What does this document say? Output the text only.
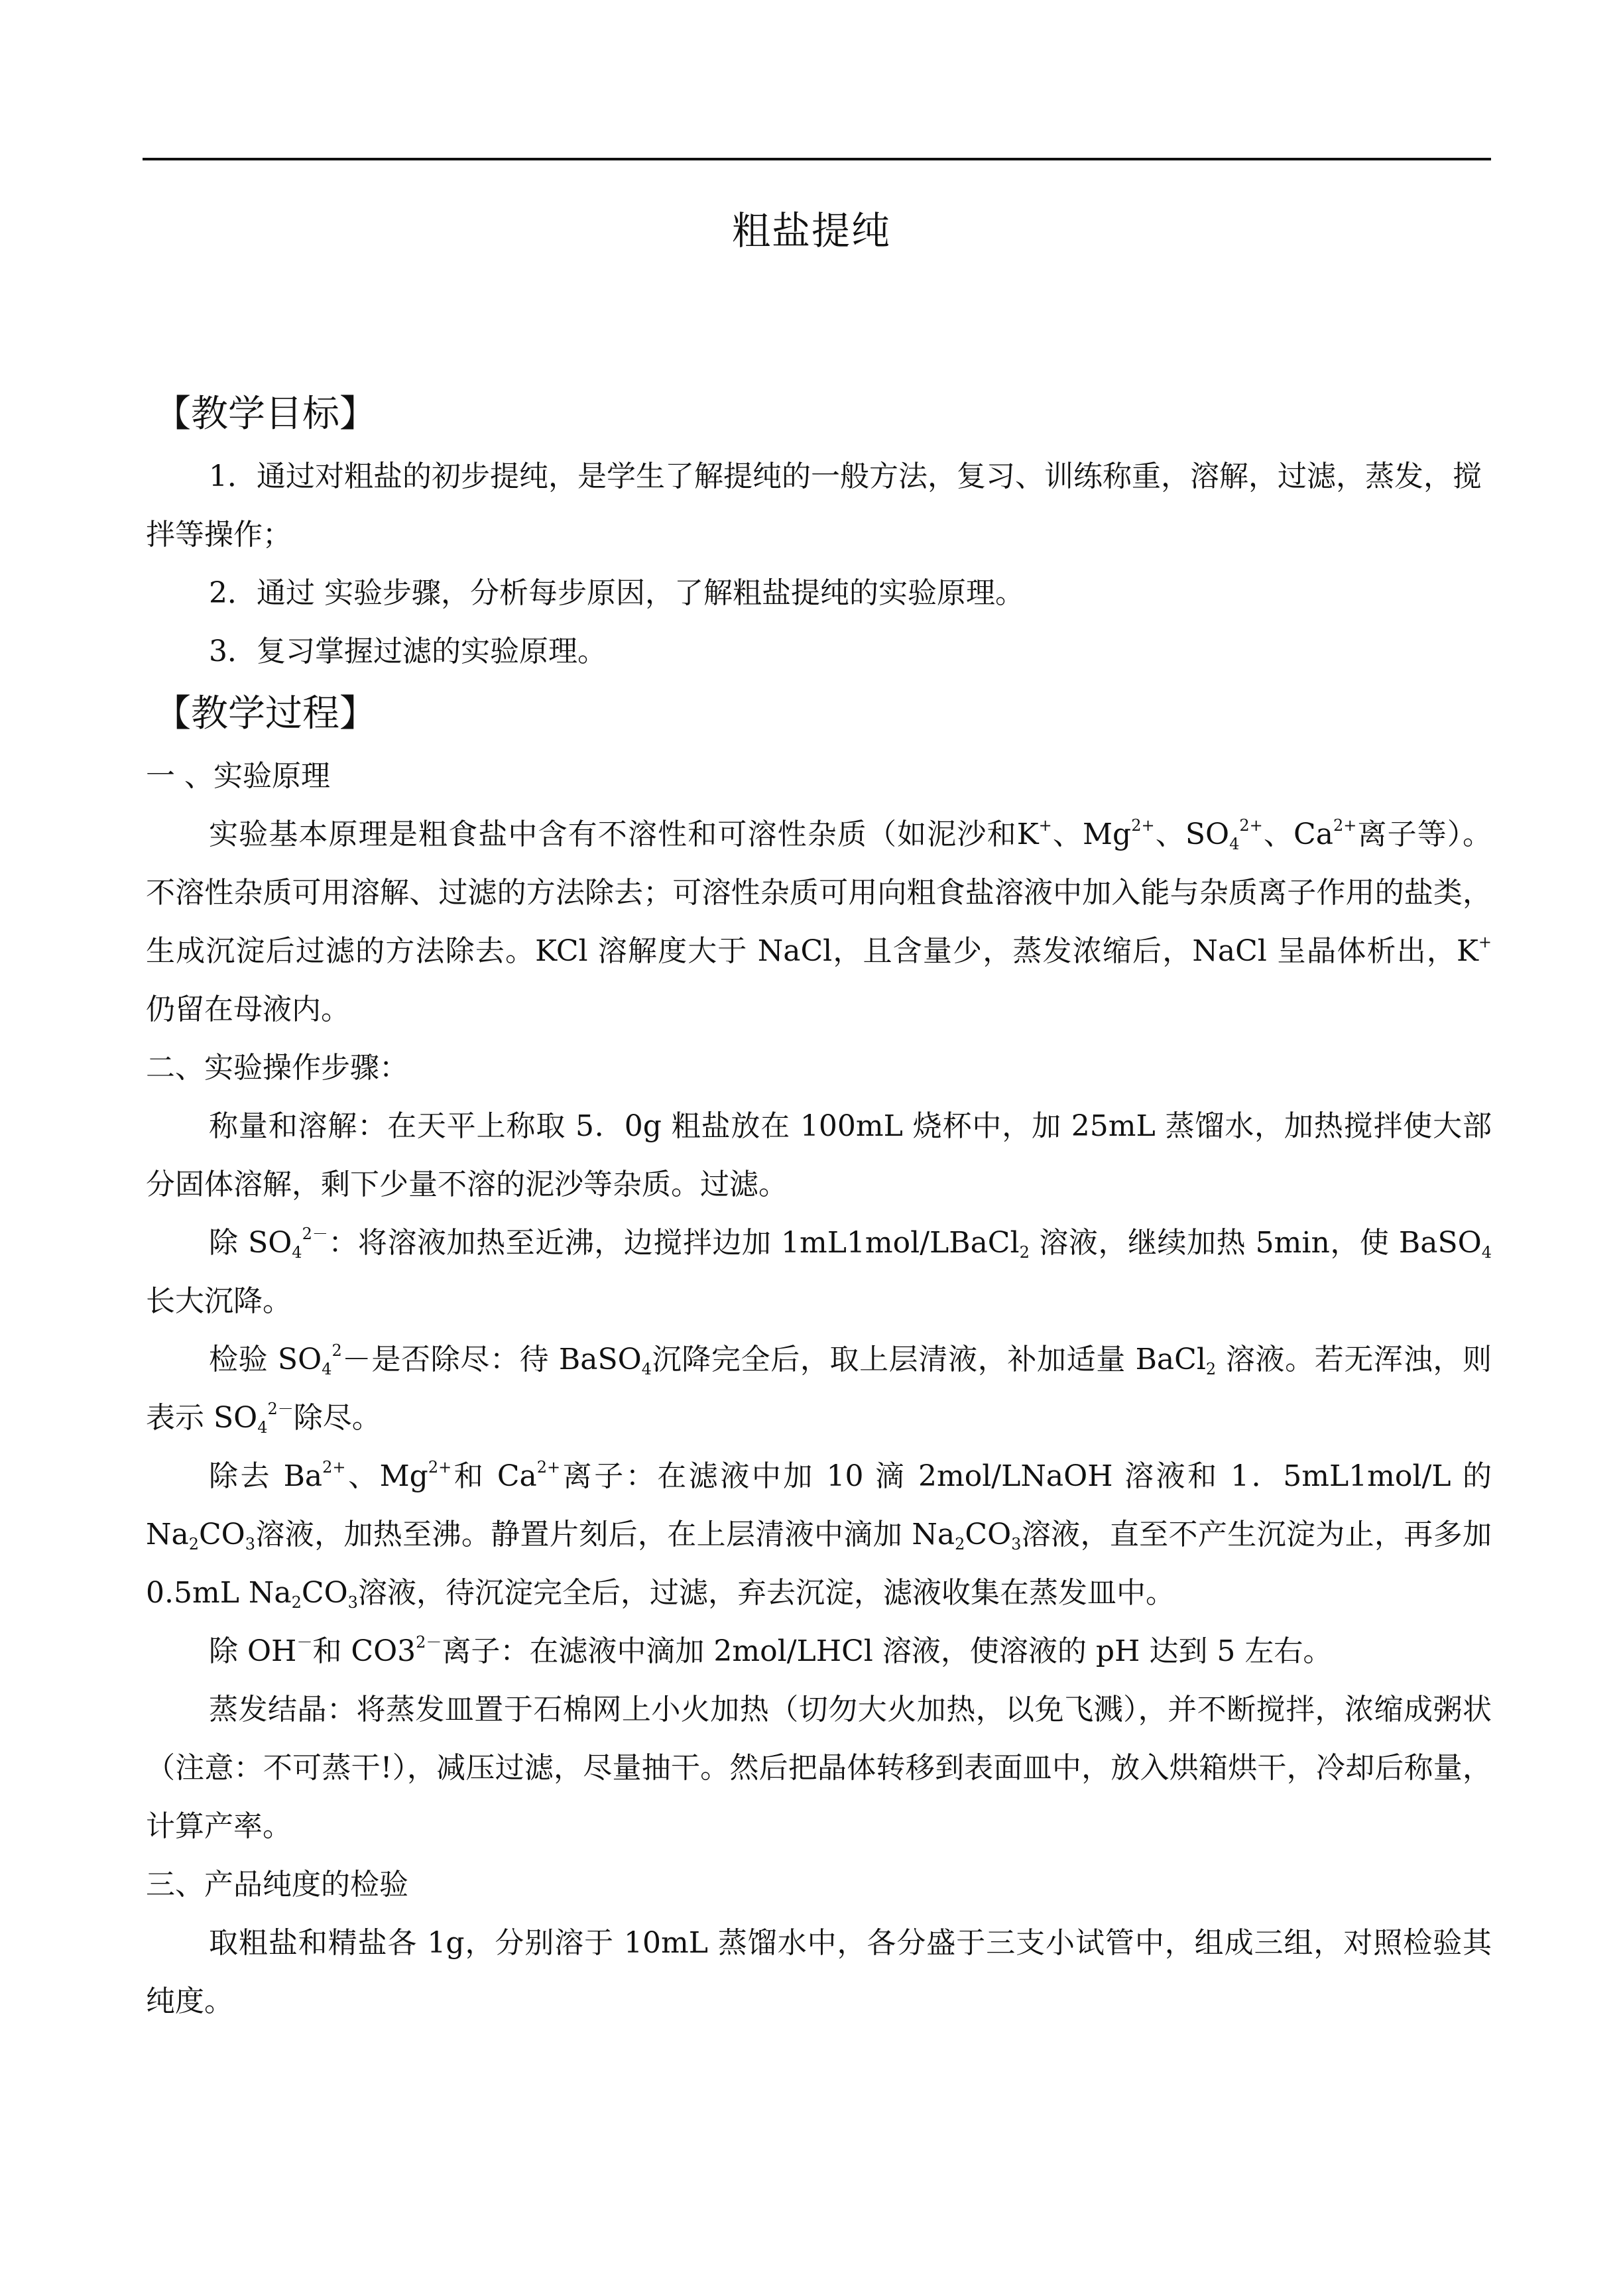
粗盐提纯
【教学目标】

1．通过对粗盐的初步提纯，是学生了解提纯的一般方法，复习、训练称重，溶解，过滤，蒸发，搅拌等操作；

2．通过 实验步骤，分析每步原因，了解粗盐提纯的实验原理。

3．复习掌握过滤的实验原理。

【教学过程】

一 、实验原理

实验基本原理是粗食盐中含有不溶性和可溶性杂质（如泥沙和K+、$Mg^{2+}$、$SO_4^{2+}$、$Ca^{2+}$离子等）。不溶性杂质可用溶解、过滤的方法除去；可溶性杂质可用向粗食盐溶液中加入能与杂质离子作用的盐类，生成沉淀后过滤的方法除去。KCl 溶解度大于 NaCl，且含量少，蒸发浓缩后，NaCl 呈晶体析出，K+ 仍留在母液内。

二、实验操作步骤：

称量和溶解：在天平上称取 5．0g 粗盐放在 100mL 烧杯中，加 25mL 蒸馏水，加热搅拌使大部分固体溶解，剩下少量不溶的泥沙等杂质。过滤。

除 $SO_4^{2-}$：将溶液加热至近沸，边搅拌边加 1mL1mol/LBaCl$_2$ 溶液，继续加热 5min，使 BaSO$_4$长大沉降。

检验 $SO_4^2-$是否除尽：待 BaSO$_4$沉降完全后，取上层清液，补加适量 BaCl$_2$ 溶液。若无浑浊，则表示 $SO_4^{2-}$除尽。

除去 $Ba^{2+}$、$Mg^{2+}$和 $Ca^{2+}$离子：在滤液中加 10 滴 2mol/LNaOH 溶液和 1．5mL1mol/L 的 $Na_2CO_3$溶液，加热至沸。静置片刻后，在上层清液中滴加 $Na_2CO_3$溶液，直至不产生沉淀为止，再多加 0.5mL $Na_2CO_3$溶液，待沉淀完全后，过滤，弃去沉淀，滤液收集在蒸发皿中。

除 OH－和 $CO3^{2-}$离子：在滤液中滴加 2mol/LHCl 溶液，使溶液的 pH 达到 5 左右。

蒸发结晶：将蒸发皿置于石棉网上小火加热（切勿大火加热，以免飞溅），并不断搅拌，浓缩成粥状（注意：不可蒸干!），减压过滤，尽量抽干。然后把晶体转移到表面皿中，放入烘箱烘干，冷却后称量，计算产率。

三、产品纯度的检验

取粗盐和精盐各 1g，分别溶于 10mL 蒸馏水中，各分盛于三支小试管中，组成三组，对照检验其纯度。
